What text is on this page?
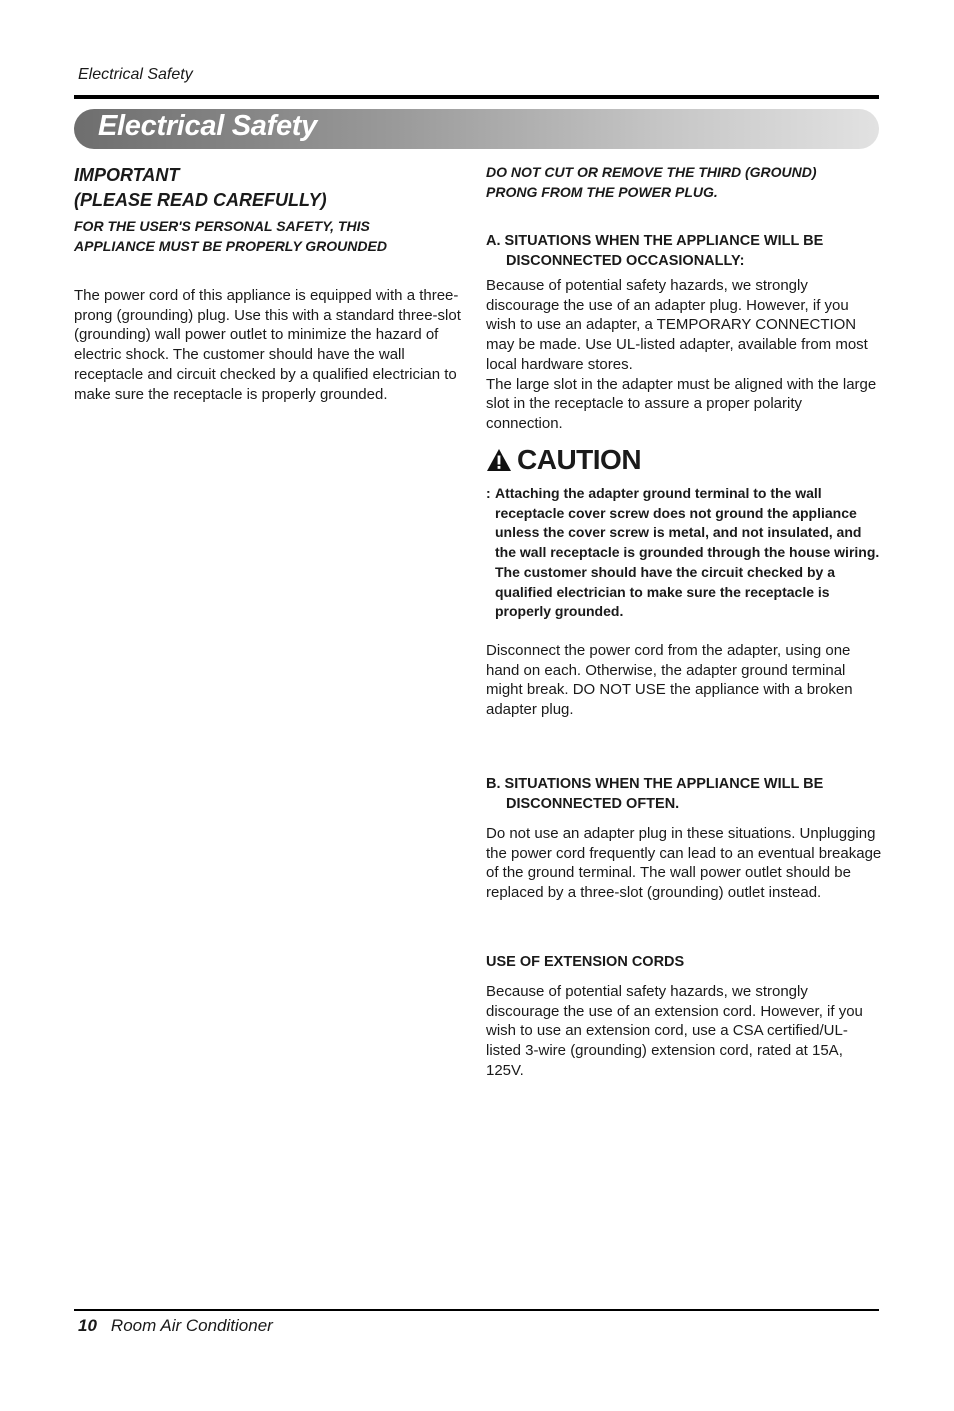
Electrical Safety
Electrical Safety
IMPORTANT
(PLEASE READ CAREFULLY)
FOR THE USER'S PERSONAL SAFETY, THIS
APPLIANCE MUST BE PROPERLY GROUNDED

The power cord of this appliance is equipped with a three-prong (grounding) plug. Use this with a standard three-slot (grounding) wall power outlet to minimize the hazard of electric shock. The customer should have the wall receptacle and circuit checked by a qualified electrician to make sure the receptacle is properly grounded.

DO NOT CUT OR REMOVE THE THIRD (GROUND)
PRONG FROM THE POWER PLUG.
A. SITUATIONS WHEN THE APPLIANCE WILL BE
DISCONNECTED OCCASIONALLY:

Because of potential safety hazards, we strongly discourage the use of an adapter plug. However, if you wish to use an adapter, a TEMPORARY CONNECTION may be made. Use UL-listed adapter, available from most local hardware stores.

The large slot in the adapter must be aligned with the large slot in the receptacle to assure a proper polarity connection.

CAUTION
: Attaching the adapter ground terminal to the wall receptacle cover screw does not ground the appliance unless the cover screw is metal, and not insulated, and the wall receptacle is grounded through the house wiring. The customer should have the circuit checked by a qualified electrician to make sure the receptacle is properly grounded.

Disconnect the power cord from the adapter, using one hand on each. Otherwise, the adapter ground terminal might break. DO NOT USE the appliance with a broken adapter plug.

B. SITUATIONS WHEN THE APPLIANCE WILL BE
DISCONNECTED OFTEN.

Do not use an adapter plug in these situations. Unplugging the power cord frequently can lead to an eventual breakage of the ground terminal. The wall power outlet should be replaced by a three-slot (grounding) outlet instead.

USE OF EXTENSION CORDS

Because of potential safety hazards, we strongly discourage the use of an extension cord. However, if you wish to use an extension cord, use a CSA certified/UL-listed 3-wire (grounding) extension cord, rated at 15A, 125V.

10 Room Air Conditioner
